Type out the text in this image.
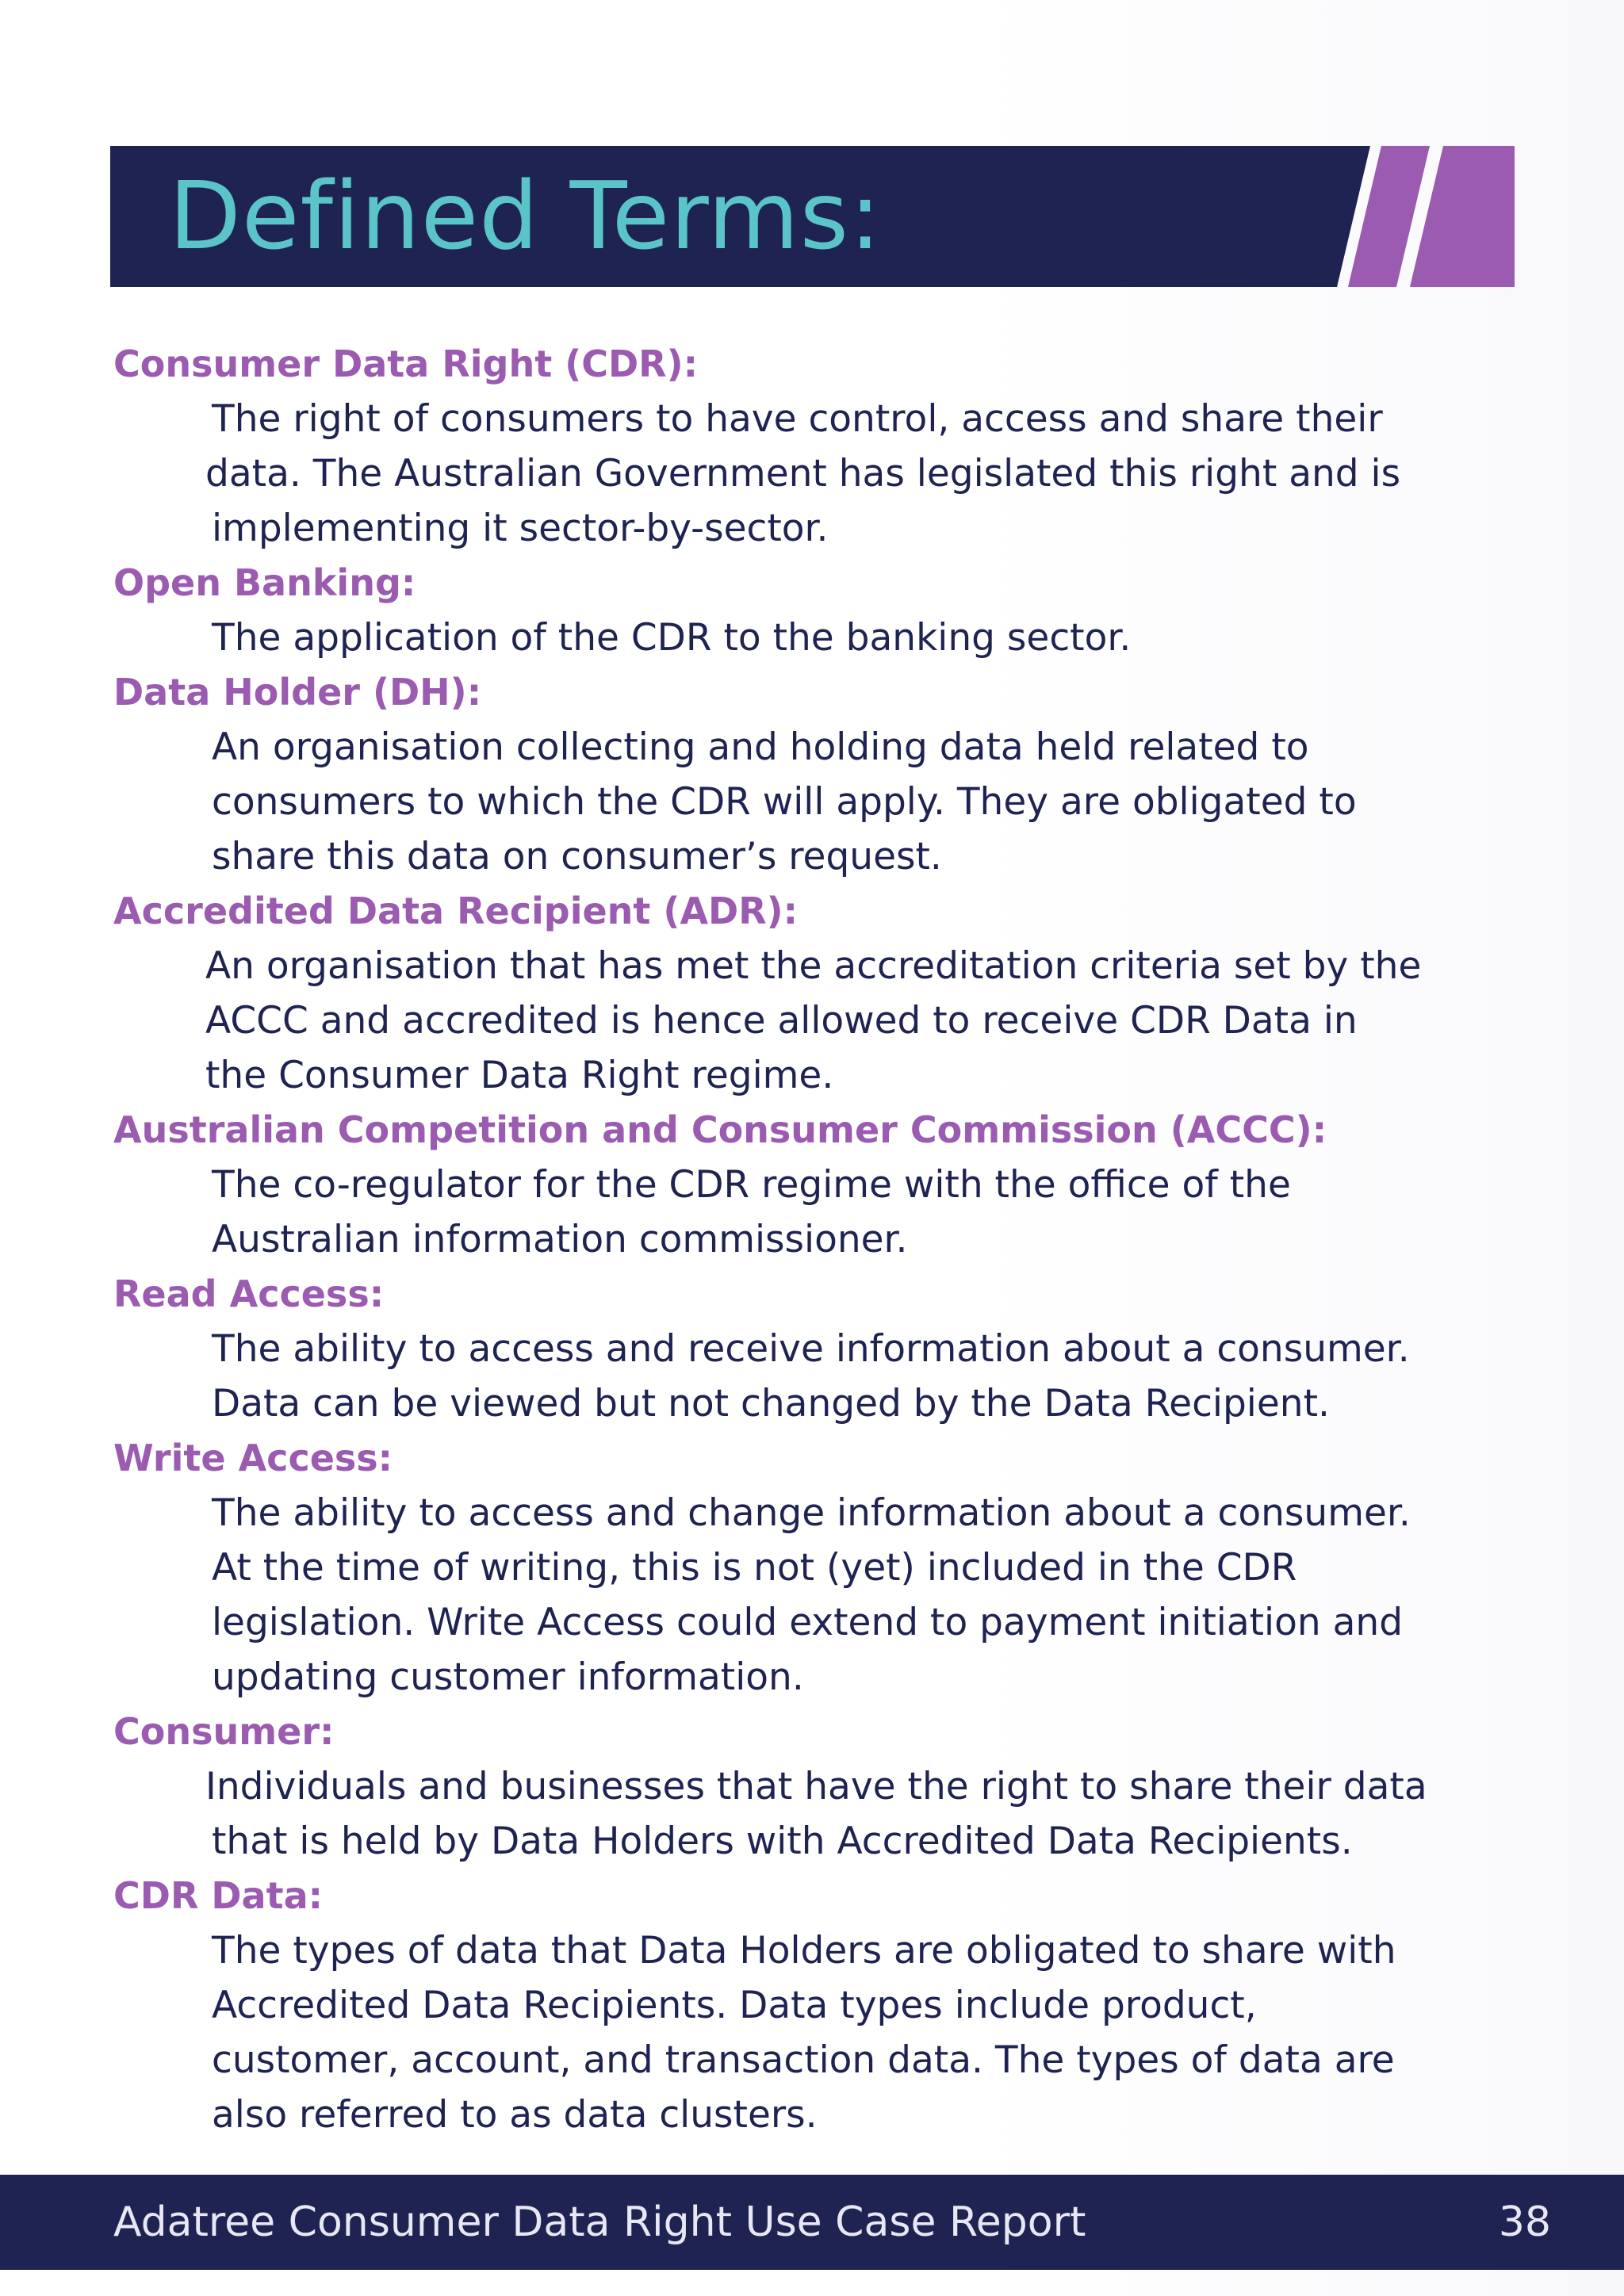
Defined Terms:
Consumer Data Right (CDR):
The right of consumers to have control, access and share their
data. The Australian Government has legislated this right and is
implementing it sector-by-sector.
Open Banking:
The application of the CDR to the banking sector.
Data Holder (DH):
An organisation collecting and holding data held related to
consumers to which the CDR will apply. They are obligated to
share this data on consumer’s request.
Accredited Data Recipient (ADR):
An organisation that has met the accreditation criteria set by the
ACCC and accredited is hence allowed to receive CDR Data in
the Consumer Data Right regime.
Australian Competition and Consumer Commission (ACCC):
The co-regulator for the CDR regime with the office of the
Australian information commissioner.
Read Access:
The ability to access and receive information about a consumer.
Data can be viewed but not changed by the Data Recipient.
Write Access:
The ability to access and change information about a consumer.
At the time of writing, this is not (yet) included in the CDR
legislation. Write Access could extend to payment initiation and
updating customer information.
Consumer:
Individuals and businesses that have the right to share their data
that is held by Data Holders with Accredited Data Recipients.
CDR Data:
The types of data that Data Holders are obligated to share with
Accredited Data Recipients. Data types include product,
customer, account, and transaction data. The types of data are
also referred to as data clusters.
Adatree Consumer Data Right Use Case Report	38
